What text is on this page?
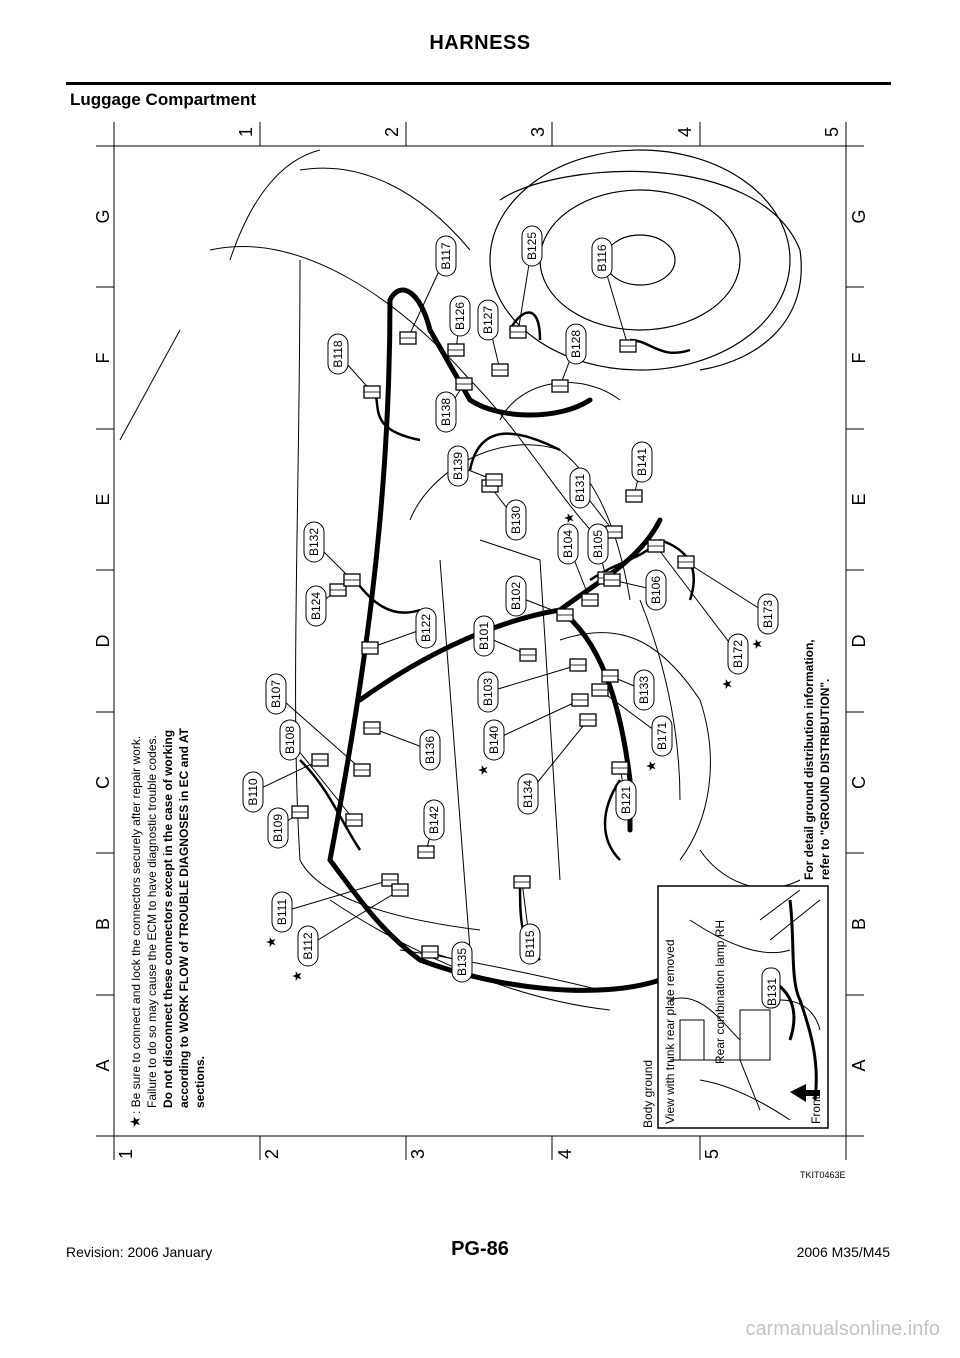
HARNESS
Luggage Compartment
1
1
2
2
3
3
4
4
5
5
A	A
B	B
C	C
D	D
E	E
F	F
G	G
B101
B102
B103
B104 B105
B106
B107
B108
B109
B110
B111
★ B112
★
B115
B116
B117
B118
B121
B122
B124
B125
B126 B127
B128
B130
B131
★
B132
B133
B134
B135
B136
B138
B139
B140
★
B141
B142
B171
★
B172
★
B173
★
★
: Be sure to connect and lock the connectors securely after repair work. Failure to do so may cause the ECM to have diagnostic trouble codes. Do not disconnect these connectors except in the case of working according to WORK FLOW of TROUBLE DIAGNOSES in EC and AT sections.
For detail ground distribution information, refer to "GROUND DISTRIBUTION".
B131
Front
Body ground View with trunk rear plate removed	Rear combination lamp RH
TKIT0463E
Revision: 2006 January	PG-86	2006 M35/M45
carmanualsonline.info
